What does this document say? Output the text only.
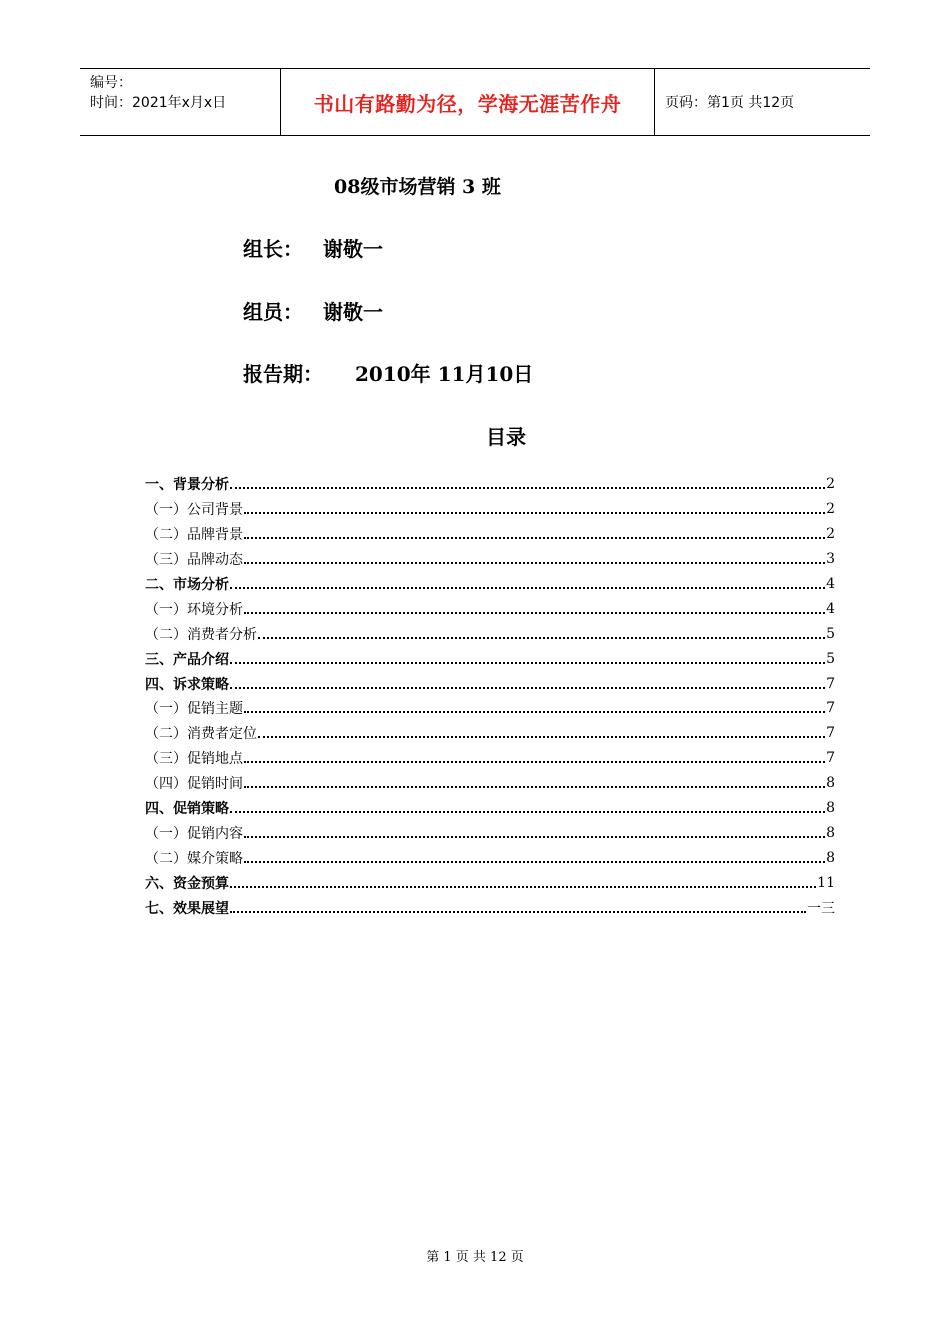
编号：
时间：2021年x月x日	书山有路勤为径，学海无涯苦作舟	页码：第1页 共12页
08级市场营销 3 班
组长：	谢敬一
组员：	谢敬一
报告期：	2010年 11月10日
目录
一、背景分析	2
（一）公司背景	2
（二）品牌背景	2
（三）品牌动态	3
二、市场分析	4
（一）环境分析	4
（二）消费者分析	5
三、产品介绍	5
四、诉求策略	7
（一）促销主题	7
（二）消费者定位	7
（三）促销地点	7
（四）促销时间	8
四、促销策略	8
（一）促销内容	8
（二）媒介策略	8
六、资金预算	11
七、效果展望	一三
第 1 页 共 12 页
